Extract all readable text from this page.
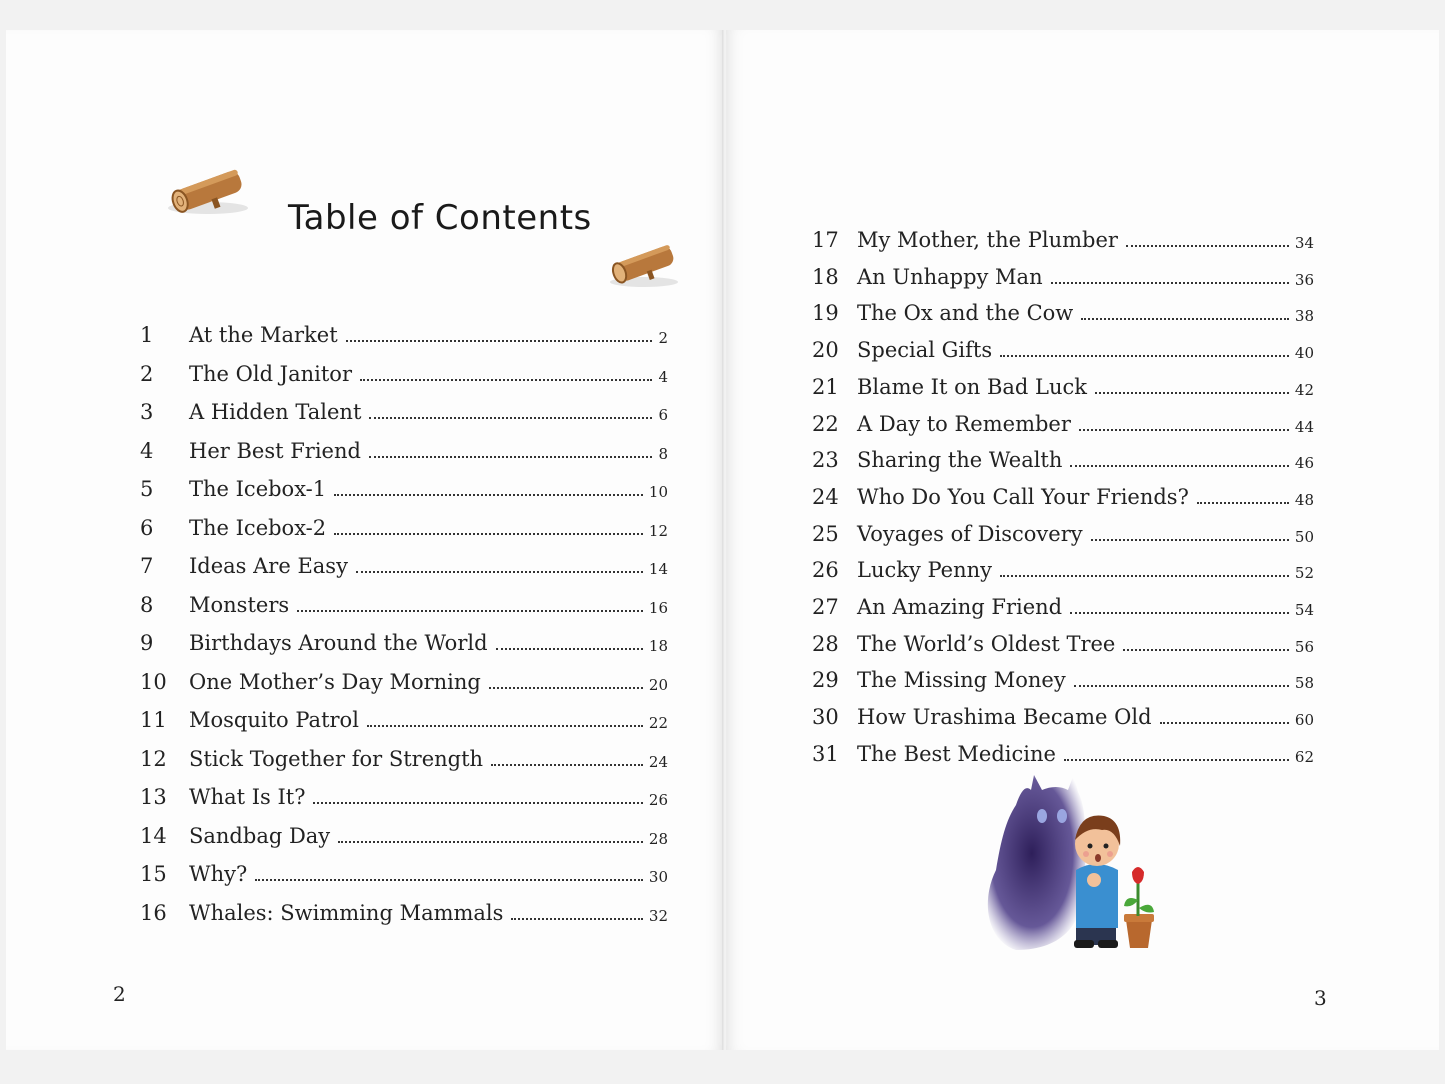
Table of Contents
1	At the Market	2
2	The Old Janitor	4
3	A Hidden Talent	6
4	Her Best Friend	8
5	The Icebox-1	10
6	The Icebox-2	12
7	Ideas Are Easy	14
8	Monsters	16
9	Birthdays Around the World	18
10	One Mother’s Day Morning	20
11	Mosquito Patrol	22
12	Stick Together for Strength	24
13	What Is It?	26
14	Sandbag Day	28
15	Why?	30
16	Whales: Swimming Mammals	32
2
17 My Mother, the Plumber	34
18 An Unhappy Man	36
19 The Ox and the Cow	38
20 Special Gifts	40
21 Blame It on Bad Luck	42
22 A Day to Remember	44
23 Sharing the Wealth	46
24 Who Do You Call Your Friends?	48
25 Voyages of Discovery	50
26 Lucky Penny	52
27 An Amazing Friend	54
28 The World’s Oldest Tree	56
29 The Missing Money	58
30 How Urashima Became Old	60
31 The Best Medicine	62
3
